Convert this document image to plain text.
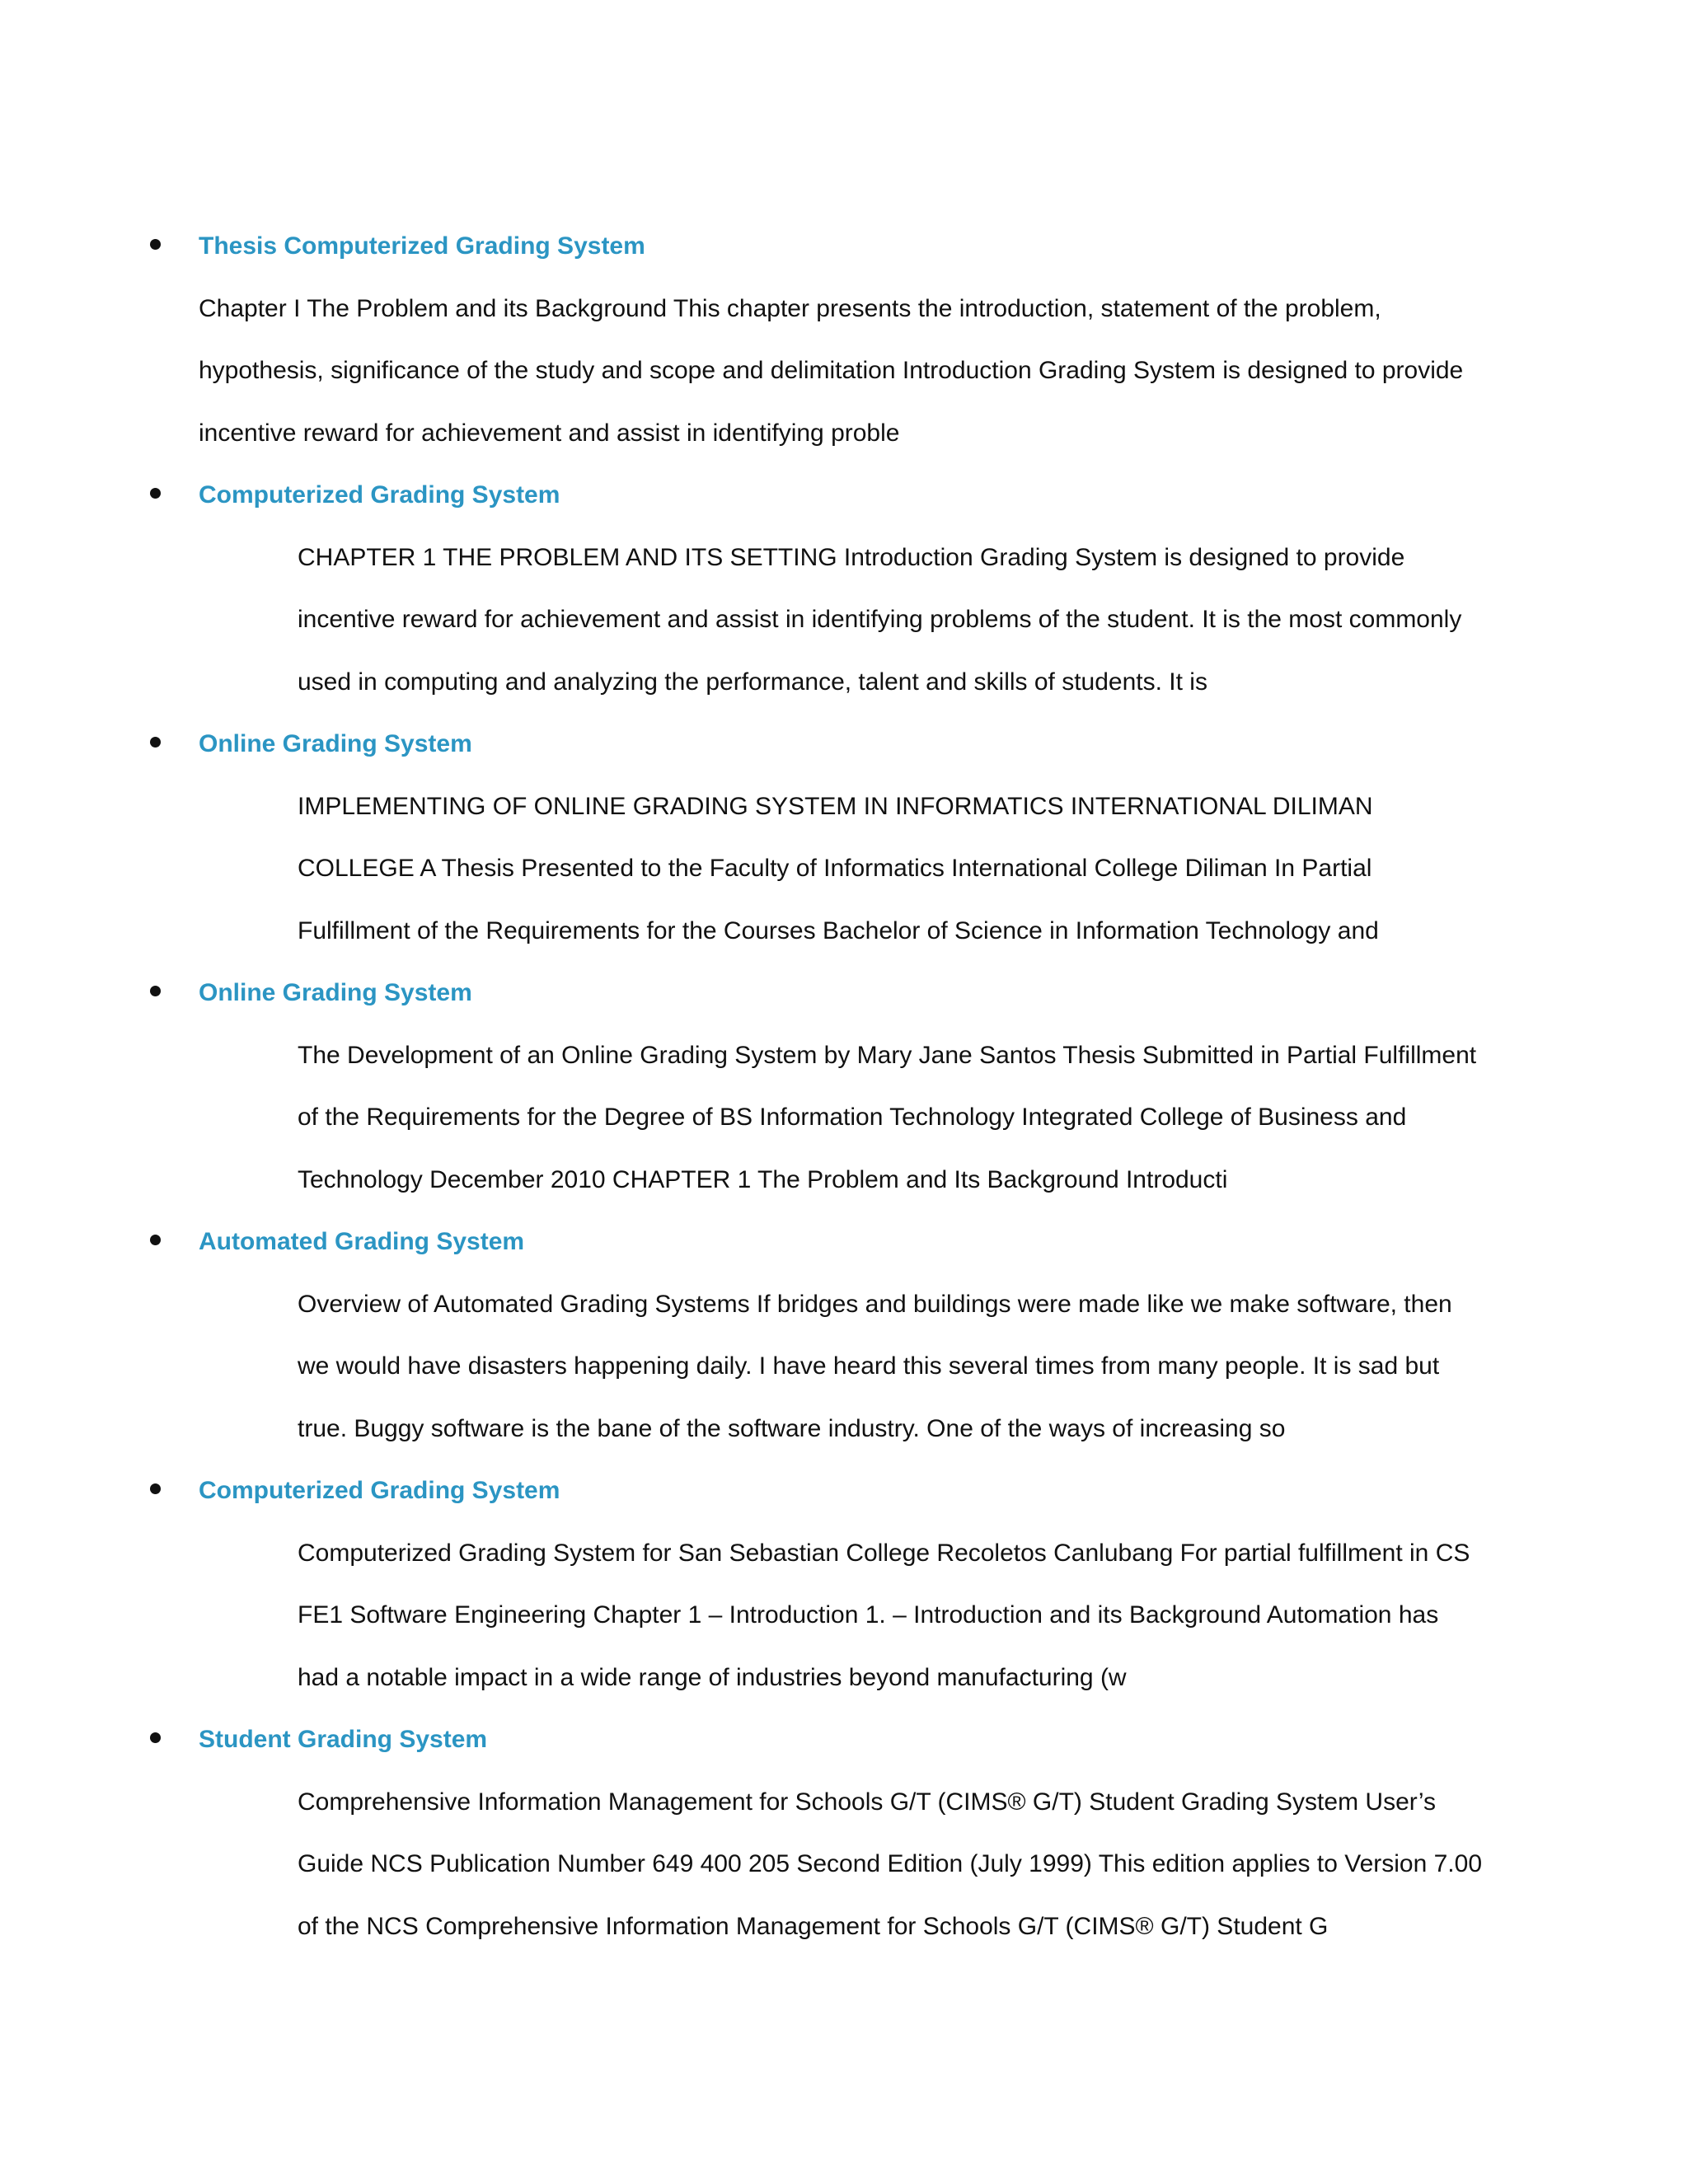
Thesis Computerized Grading System
Chapter I The Problem and its Background This chapter presents the introduction, statement of the problem,
hypothesis, significance of the study and scope and delimitation Introduction Grading System is designed to provide
incentive reward for achievement and assist in identifying proble
Computerized Grading System
CHAPTER 1 THE PROBLEM AND ITS SETTING Introduction Grading System is designed to provide
incentive reward for achievement and assist in identifying problems of the student. It is the most commonly
used in computing and analyzing the performance, talent and skills of students. It is
Online Grading System
IMPLEMENTING OF ONLINE GRADING SYSTEM IN INFORMATICS INTERNATIONAL DILIMAN
COLLEGE A Thesis Presented to the Faculty of Informatics International College Diliman In Partial
Fulfillment of the Requirements for the Courses Bachelor of Science in Information Technology and
Online Grading System
The Development of an Online Grading System by Mary Jane Santos Thesis Submitted in Partial Fulfillment
of the Requirements for the Degree of BS Information Technology Integrated College of Business and
Technology December 2010 CHAPTER 1 The Problem and Its Background Introducti
Automated Grading System
Overview of Automated Grading Systems If bridges and buildings were made like we make software, then
we would have disasters happening daily. I have heard this several times from many people. It is sad but
true. Buggy software is the bane of the software industry. One of the ways of increasing so
Computerized Grading System
Computerized Grading System for San Sebastian College Recoletos Canlubang For partial fulfillment in CS
FE1 Software Engineering Chapter 1 – Introduction 1. – Introduction and its Background Automation has
had a notable impact in a wide range of industries beyond manufacturing (w
Student Grading System
Comprehensive Information Management for Schools G/T (CIMS® G/T) Student Grading System User’s
Guide NCS Publication Number 649 400 205 Second Edition (July 1999) This edition applies to Version 7.00
of the NCS Comprehensive Information Management for Schools G/T (CIMS® G/T) Student G
